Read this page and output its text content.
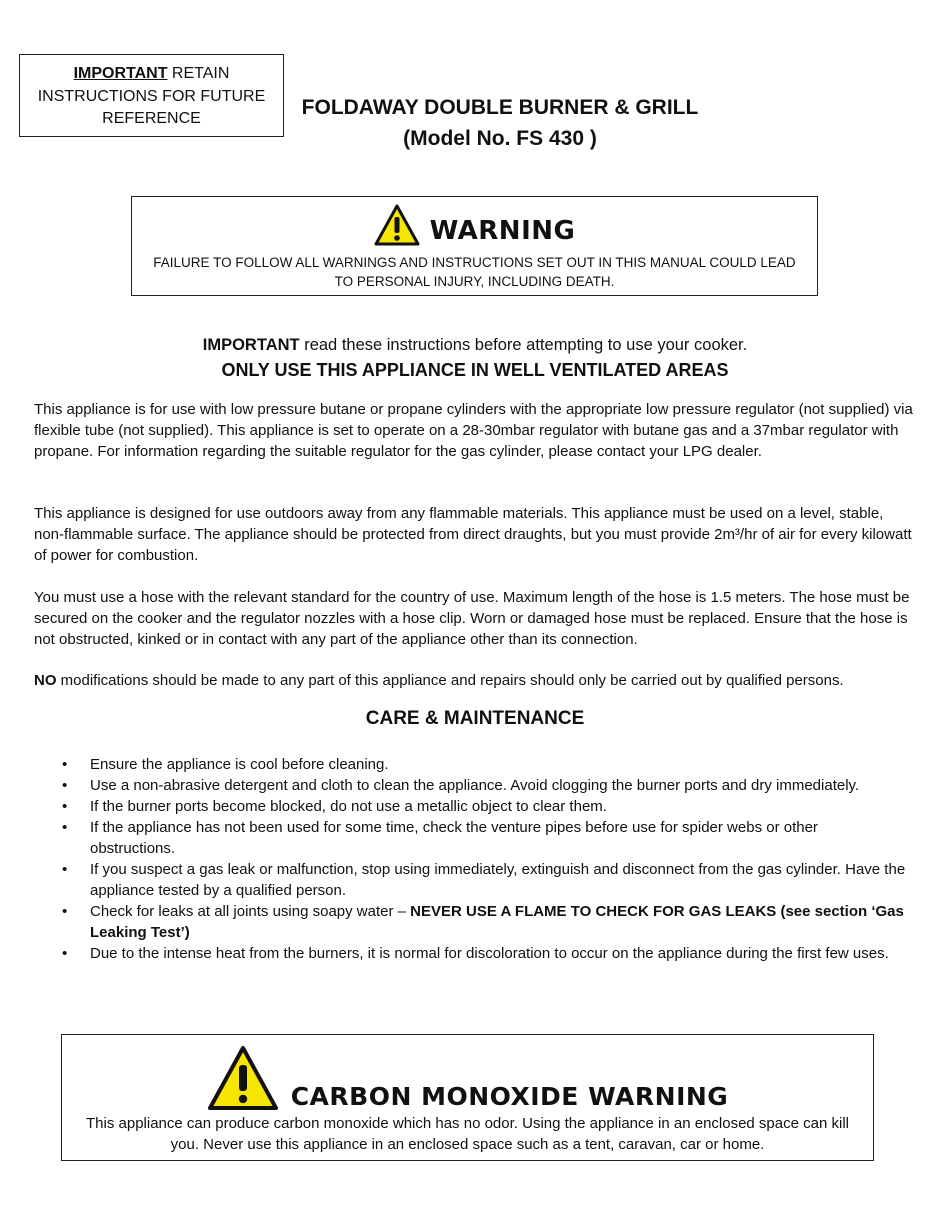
IMPORTANT RETAIN
INSTRUCTIONS FOR FUTURE
REFERENCE	FOLDAWAY DOUBLE BURNER & GRILL
(Model No. FS 430 )
WARNING
FAILURE TO FOLLOW ALL WARNINGS AND INSTRUCTIONS SET OUT IN THIS MANUAL COULD LEAD TO PERSONAL INJURY, INCLUDING DEATH.
IMPORTANT read these instructions before attempting to use your cooker.
ONLY USE THIS APPLIANCE IN WELL VENTILATED AREAS
This appliance is for use with low pressure butane or propane cylinders with the appropriate low pressure regulator (not supplied) via flexible tube (not supplied). This appliance is set to operate on a 28-30mbar regulator with butane gas and a 37mbar regulator with propane. For information regarding the suitable regulator for the gas cylinder, please contact your LPG dealer.
This appliance is designed for use outdoors away from any flammable materials. This appliance must be used on a level, stable, non-flammable surface. The appliance should be protected from direct draughts, but you must provide 2m³/hr of air for every kilowatt of power for combustion.
You must use a hose with the relevant standard for the country of use. Maximum length of the hose is 1.5 meters. The hose must be secured on the cooker and the regulator nozzles with a hose clip. Worn or damaged hose must be replaced. Ensure that the hose is not obstructed, kinked or in contact with any part of the appliance other than its connection.
NO modifications should be made to any part of this appliance and repairs should only be carried out by qualified persons.
CARE & MAINTENANCE
• Ensure the appliance is cool before cleaning.
• Use a non-abrasive detergent and cloth to clean the appliance. Avoid clogging the burner ports and dry immediately.
• If the burner ports become blocked, do not use a metallic object to clear them.
• If the appliance has not been used for some time, check the venture pipes before use for spider webs or other obstructions.
• If you suspect a gas leak or malfunction, stop using immediately, extinguish and disconnect from the gas cylinder. Have the appliance tested by a qualified person.
• Check for leaks at all joints using soapy water – NEVER USE A FLAME TO CHECK FOR GAS LEAKS (see section ‘Gas Leaking Test’)
• Due to the intense heat from the burners, it is normal for discoloration to occur on the appliance during the first few uses.
CARBON MONOXIDE WARNING
This appliance can produce carbon monoxide which has no odor. Using the appliance in an enclosed space can kill you. Never use this appliance in an enclosed space such as a tent, caravan, car or home.
